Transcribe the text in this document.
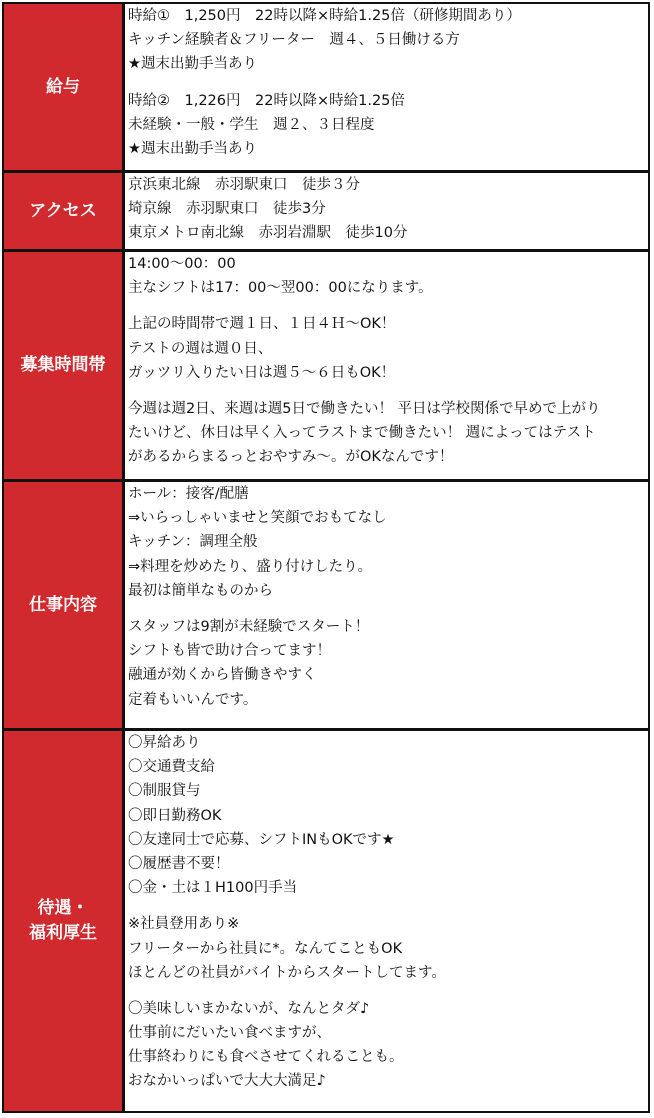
給与
時給①　1,250円　22時以降×時給1.25倍（研修期間あり）
キッチン経験者＆フリーター　週４、５日働ける方
★週末出勤手当あり
時給②　1,226円　22時以降×時給1.25倍
未経験・一般・学生　週２、３日程度
★週末出勤手当あり
アクセス
京浜東北線　赤羽駅東口　徒歩３分
埼京線　赤羽駅東口　徒歩3分
東京メトロ南北線　赤羽岩淵駅　徒歩10分
募集時間帯
14:00〜00：00
主なシフトは17：00〜翌00：00になります。
上記の時間帯で週１日、１日４Ｈ〜OK！
テストの週は週０日、
ガッツリ入りたい日は週５〜６日もOK！
今週は週2日、来週は週5日で働きたい！ 平日は学校関係で早めで上がり
たいけど、休日は早く入ってラストまで働きたい！ 週によってはテスト
があるからまるっとおやすみ〜。がOKなんです！
仕事内容
ホール：接客/配膳
⇒いらっしゃいませと笑顔でおもてなし
キッチン：調理全般
⇒料理を炒めたり、盛り付けしたり。
最初は簡単なものから
スタッフは9割が未経験でスタート！
シフトも皆で助け合ってます！
融通が効くから皆働きやすく
定着もいいんです。
待遇・
福利厚生
〇昇給あり
〇交通費支給
〇制服貸与
〇即日勤務OK
〇友達同士で応募、シフトINもOKです★
〇履歴書不要！
〇金・土は１H100円手当
※社員登用あり※
フリーターから社員に*。なんてこともOK
ほとんどの社員がバイトからスタートしてます。
〇美味しいまかないが、なんとタダ♪
仕事前にだいたい食べますが、
仕事終わりにも食べさせてくれることも。
おなかいっぱいで大大大満足♪
